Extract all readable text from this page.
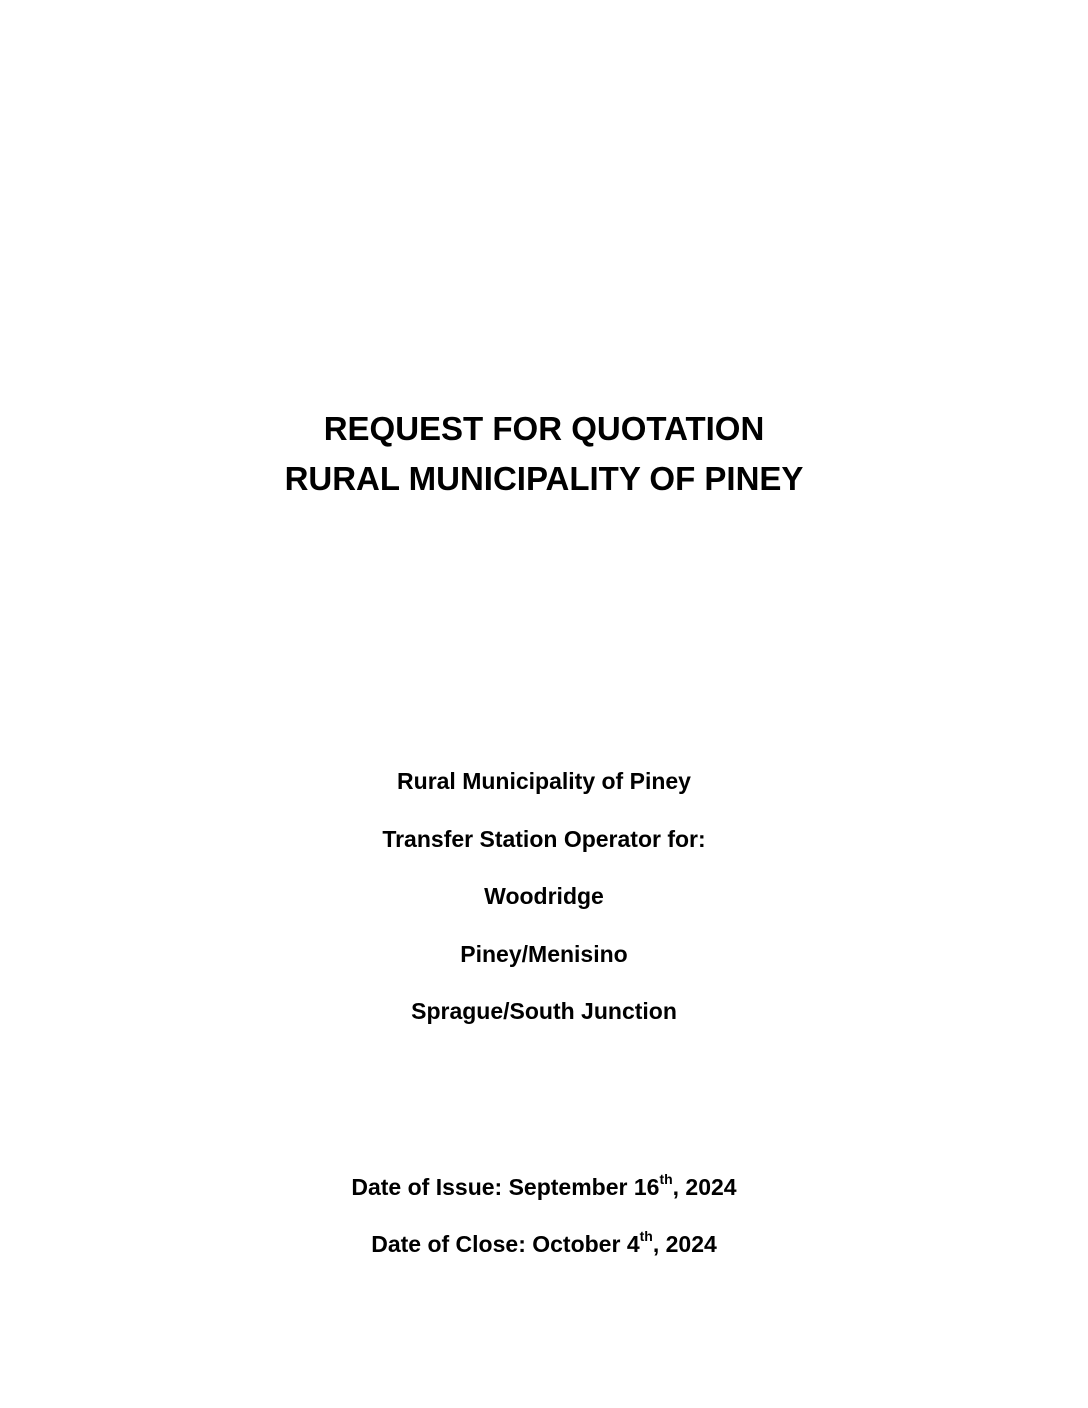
REQUEST FOR QUOTATION
RURAL MUNICIPALITY OF PINEY
Rural Municipality of Piney
Transfer Station Operator for:
Woodridge
Piney/Menisino
Sprague/South Junction
Date of Issue: September 16th, 2024
Date of Close: October 4th, 2024
